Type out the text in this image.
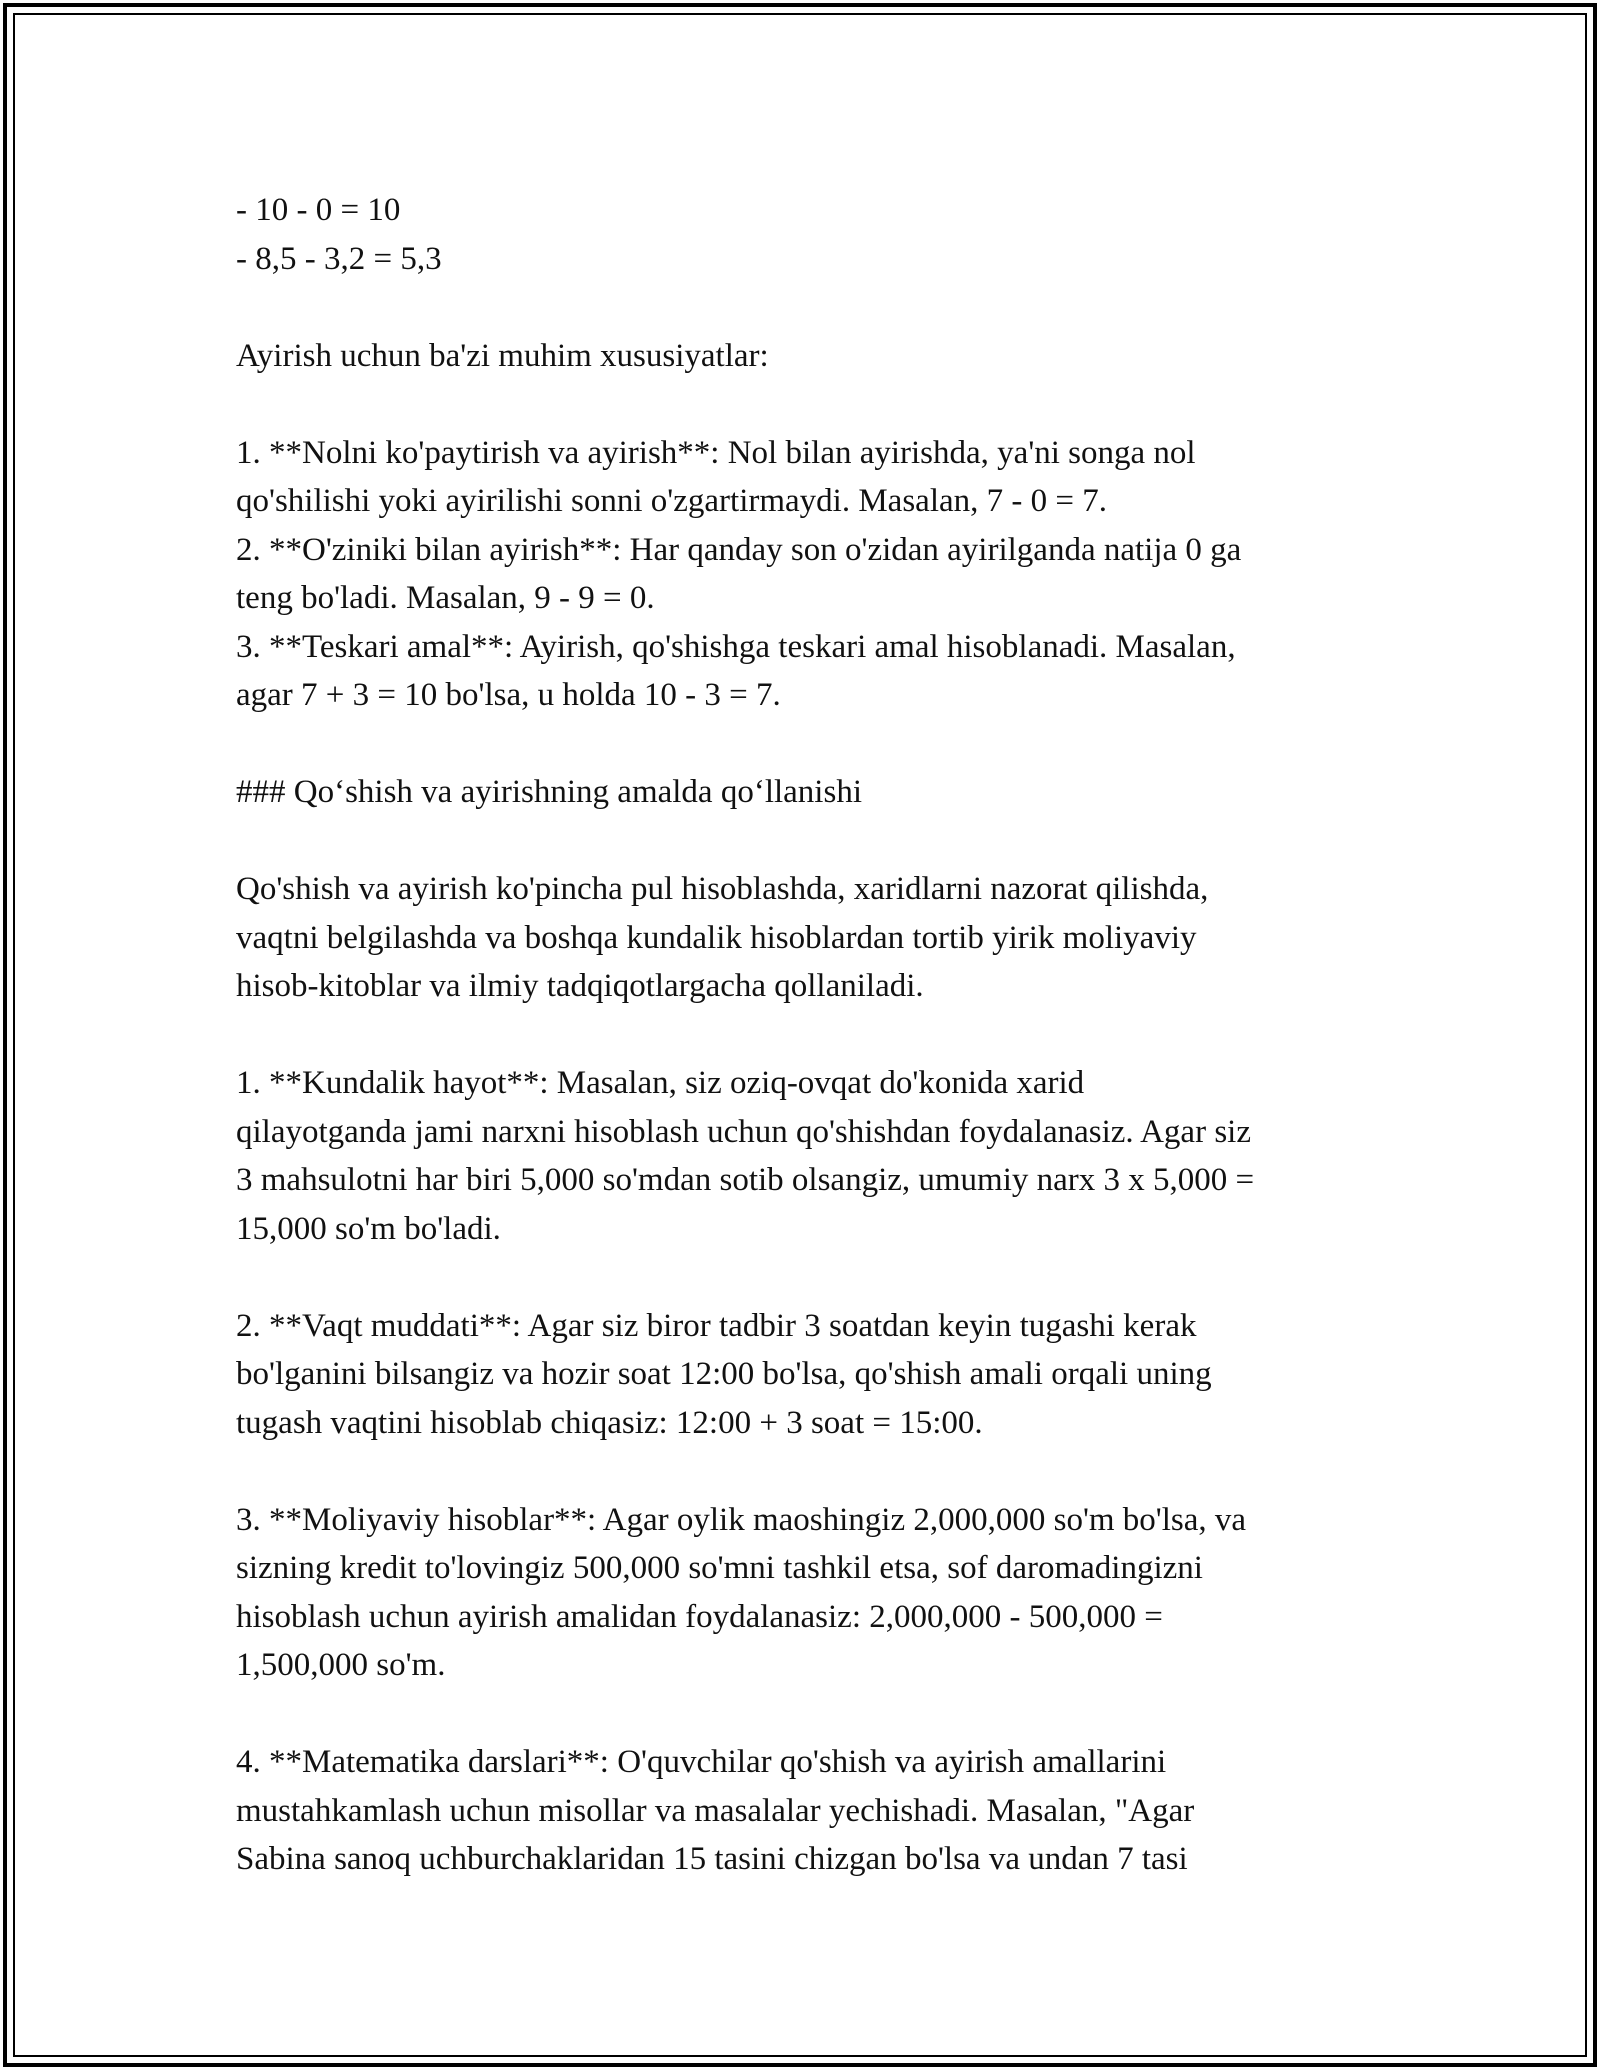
- 10 - 0 = 10
- 8,5 - 3,2 = 5,3
Ayirish uchun ba'zi muhim xususiyatlar:
1. **Nolni ko'paytirish va ayirish**: Nol bilan ayirishda, ya'ni songa nol
qo'shilishi yoki ayirilishi sonni o'zgartirmaydi. Masalan, 7 - 0 = 7.
2. **O'ziniki bilan ayirish**: Har qanday son o'zidan ayirilganda natija 0 ga
teng bo'ladi. Masalan, 9 - 9 = 0.
3. **Teskari amal**: Ayirish, qo'shishga teskari amal hisoblanadi. Masalan,
agar 7 + 3 = 10 bo'lsa, u holda 10 - 3 = 7.
### Qo‘shish va ayirishning amalda qo‘llanishi
Qo'shish va ayirish ko'pincha pul hisoblashda, xaridlarni nazorat qilishda,
vaqtni belgilashda va boshqa kundalik hisoblardan tortib yirik moliyaviy
hisob-kitoblar va ilmiy tadqiqotlargacha qollaniladi.
1. **Kundalik hayot**: Masalan, siz oziq-ovqat do'konida xarid
qilayotganda jami narxni hisoblash uchun qo'shishdan foydalanasiz. Agar siz
3 mahsulotni har biri 5,000 so'mdan sotib olsangiz, umumiy narx 3 x 5,000 =
15,000 so'm bo'ladi.
2. **Vaqt muddati**: Agar siz biror tadbir 3 soatdan keyin tugashi kerak
bo'lganini bilsangiz va hozir soat 12:00 bo'lsa, qo'shish amali orqali uning
tugash vaqtini hisoblab chiqasiz: 12:00 + 3 soat = 15:00.
3. **Moliyaviy hisoblar**: Agar oylik maoshingiz 2,000,000 so'm bo'lsa, va
sizning kredit to'lovingiz 500,000 so'mni tashkil etsa, sof daromadingizni
hisoblash uchun ayirish amalidan foydalanasiz: 2,000,000 - 500,000 =
1,500,000 so'm.
4. **Matematika darslari**: O'quvchilar qo'shish va ayirish amallarini
mustahkamlash uchun misollar va masalalar yechishadi. Masalan, "Agar
Sabina sanoq uchburchaklaridan 15 tasini chizgan bo'lsa va undan 7 tasi
